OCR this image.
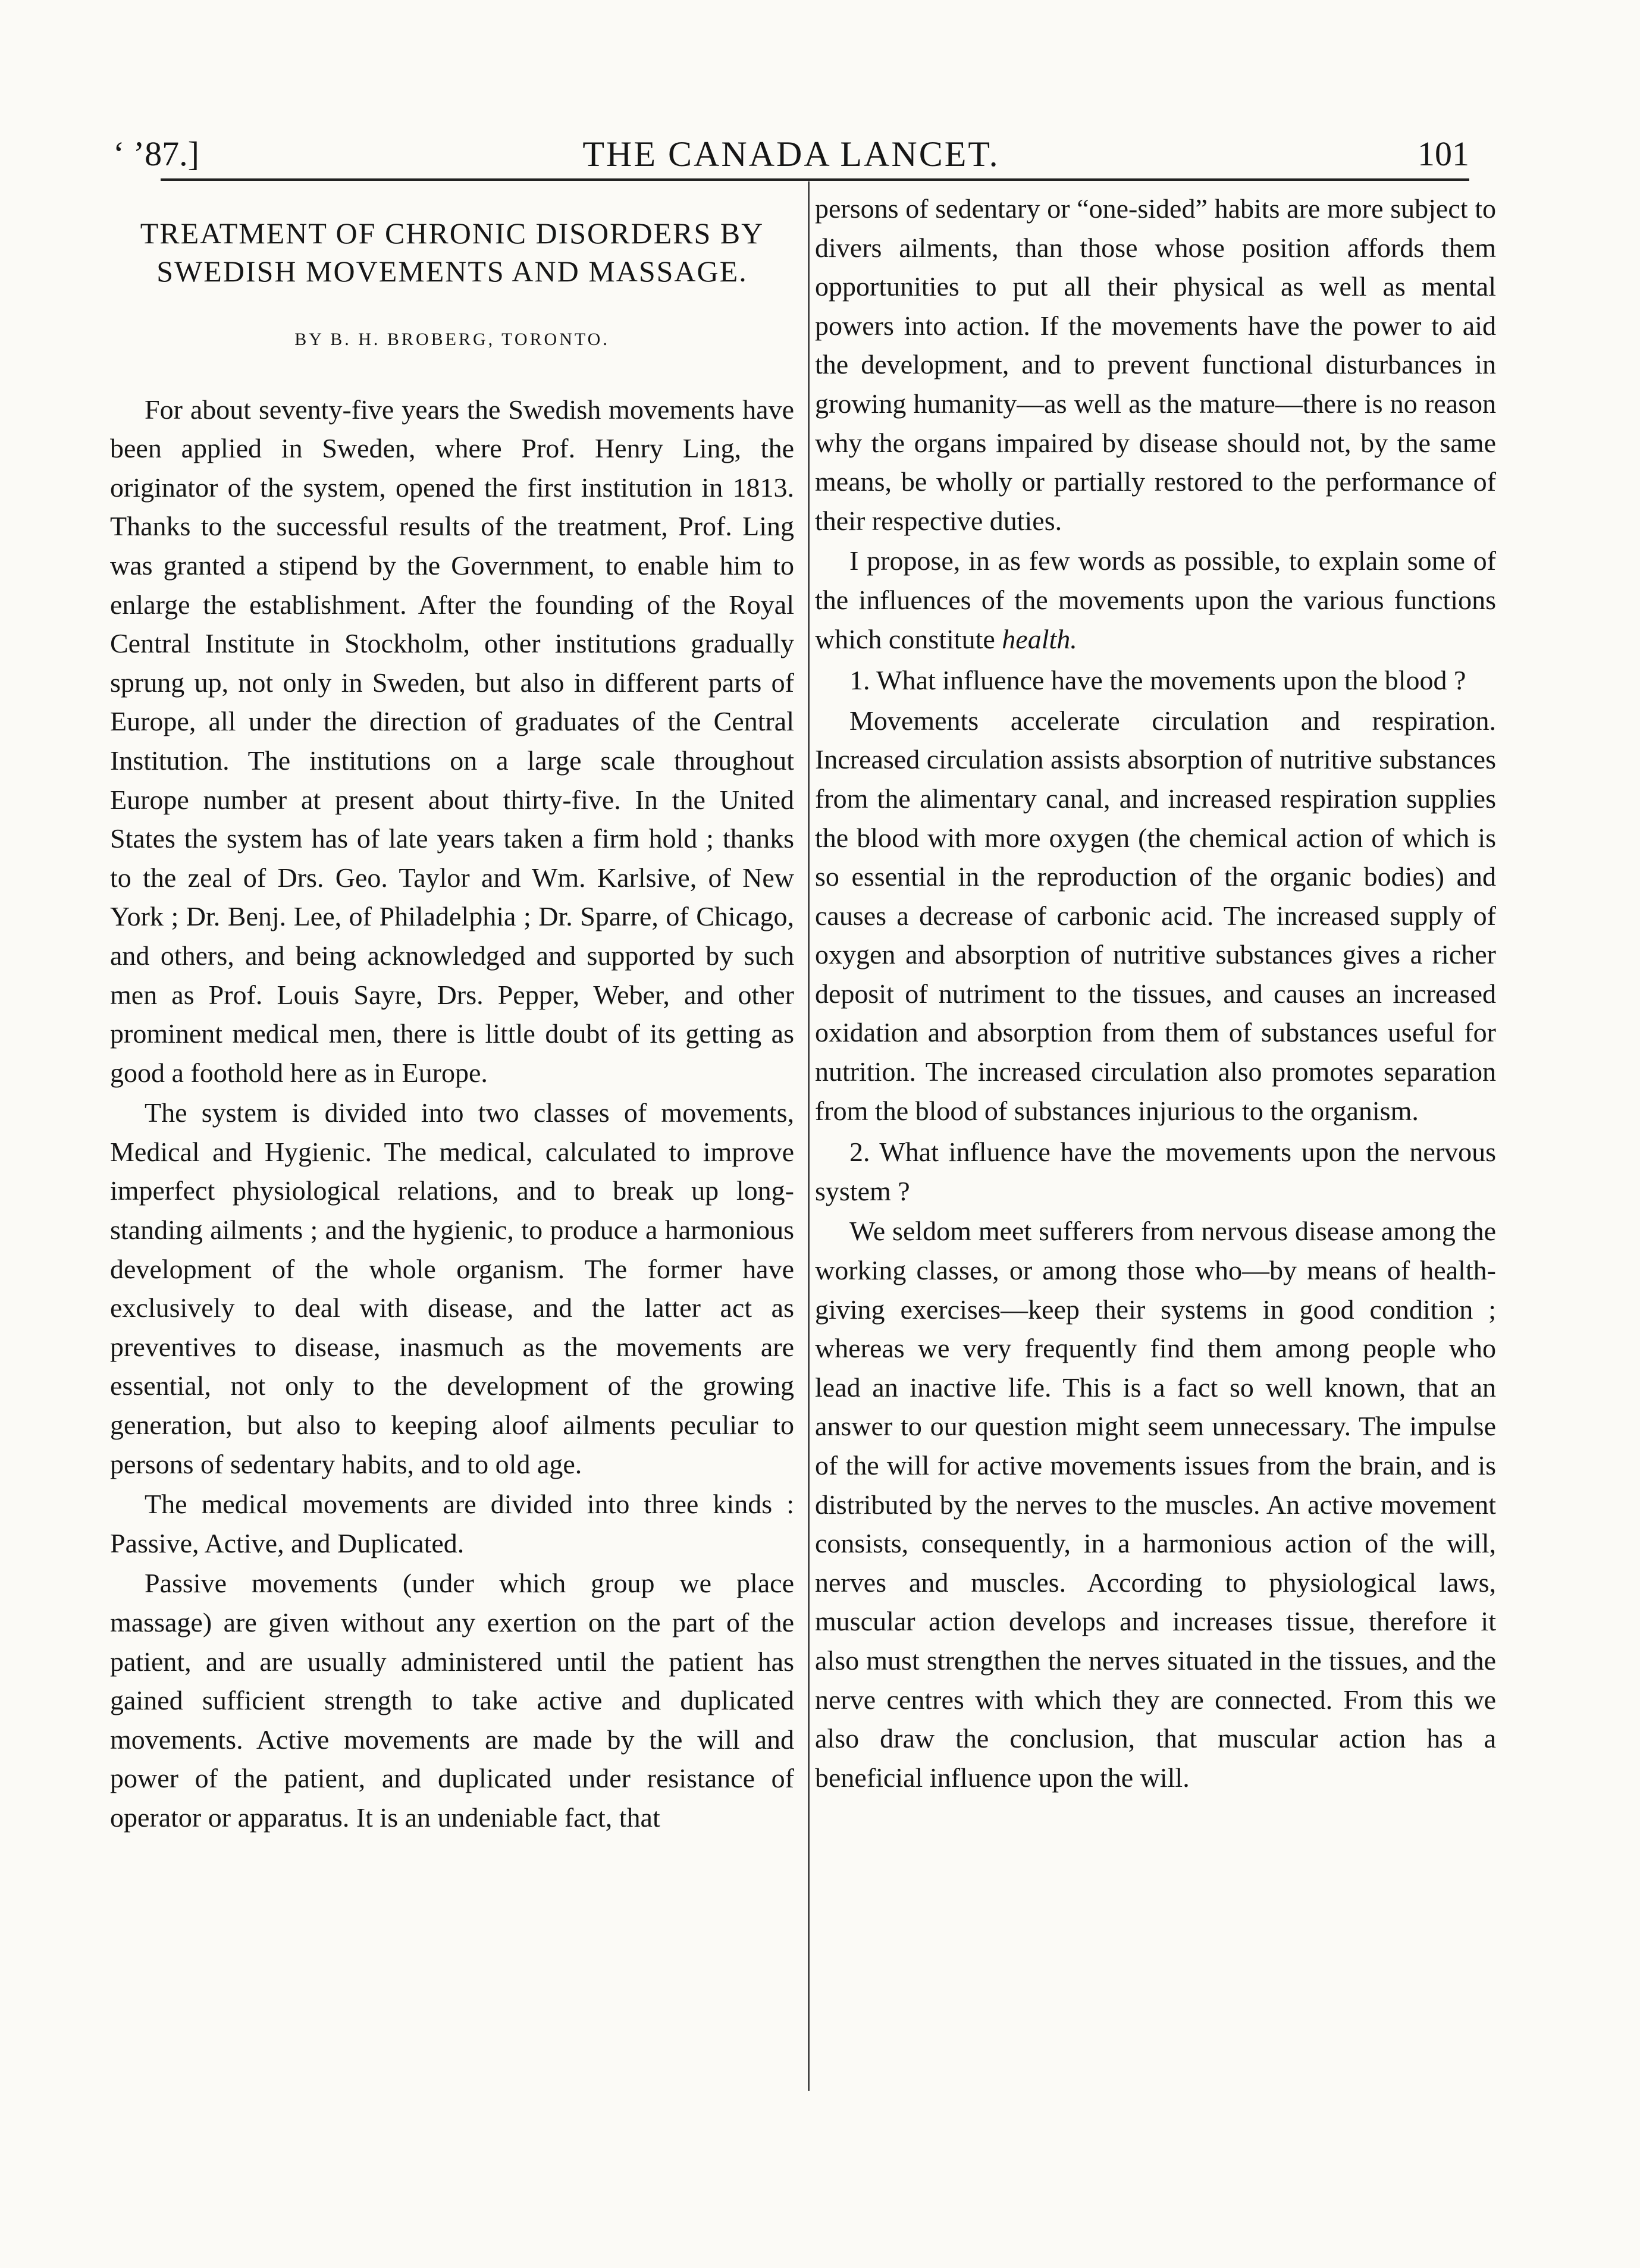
‘ ’87.]	THE CANADA LANCET.	101
TREATMENT OF CHRONIC DISORDERS BY SWEDISH MOVEMENTS AND MASSAGE.
BY B. H. BROBERG, TORONTO.

For about seventy-five years the Swedish movements have been applied in Sweden, where Prof. Henry Ling, the originator of the system, opened the first institution in 1813. Thanks to the successful results of the treatment, Prof. Ling was granted a stipend by the Government, to enable him to enlarge the establishment. After the founding of the Royal Central Institute in Stockholm, other institutions gradually sprung up, not only in Sweden, but also in different parts of Europe, all under the direction of graduates of the Central Institution. The institutions on a large scale throughout Europe number at present about thirty-five. In the United States the system has of late years taken a firm hold ; thanks to the zeal of Drs. Geo. Taylor and Wm. Karlsive, of New York ; Dr. Benj. Lee, of Philadelphia ; Dr. Sparre, of Chicago, and others, and being acknowledged and supported by such men as Prof. Louis Sayre, Drs. Pepper, Weber, and other prominent medical men, there is little doubt of its getting as good a foothold here as in Europe.

The system is divided into two classes of movements, Medical and Hygienic. The medical, calculated to improve imperfect physiological relations, and to break up long-standing ailments ; and the hygienic, to produce a harmonious development of the whole organism. The former have exclusively to deal with disease, and the latter act as preventives to disease, inasmuch as the movements are essential, not only to the development of the growing generation, but also to keeping aloof ailments peculiar to persons of sedentary habits, and to old age.

The medical movements are divided into three kinds : Passive, Active, and Duplicated.

Passive movements (under which group we place massage) are given without any exertion on the part of the patient, and are usually administered until the patient has gained sufficient strength to take active and duplicated movements. Active movements are made by the will and power of the patient, and duplicated under resistance of operator or apparatus. It is an undeniable fact, that

persons of sedentary or “one-sided” habits are more subject to divers ailments, than those whose position affords them opportunities to put all their physical as well as mental powers into action. If the movements have the power to aid the development, and to prevent functional disturbances in growing humanity—as well as the mature—there is no reason why the organs impaired by disease should not, by the same means, be wholly or partially restored to the performance of their respective duties.

I propose, in as few words as possible, to explain some of the influences of the movements upon the various functions which constitute health.

1. What influence have the movements upon the blood ?

Movements accelerate circulation and respiration. Increased circulation assists absorption of nutritive substances from the alimentary canal, and increased respiration supplies the blood with more oxygen (the chemical action of which is so essential in the reproduction of the organic bodies) and causes a decrease of carbonic acid. The increased supply of oxygen and absorption of nutritive substances gives a richer deposit of nutriment to the tissues, and causes an increased oxidation and absorption from them of substances useful for nutrition. The increased circulation also promotes separation from the blood of substances injurious to the organism.

2. What influence have the movements upon the nervous system ?

We seldom meet sufferers from nervous disease among the working classes, or among those who—by means of health-giving exercises—keep their systems in good condition ; whereas we very frequently find them among people who lead an inactive life. This is a fact so well known, that an answer to our question might seem unnecessary. The impulse of the will for active movements issues from the brain, and is distributed by the nerves to the muscles. An active movement consists, consequently, in a harmonious action of the will, nerves and muscles. According to physiological laws, muscular action develops and increases tissue, therefore it also must strengthen the nerves situated in the tissues, and the nerve centres with which they are connected. From this we also draw the conclusion, that muscular action has a beneficial influence upon the will.
